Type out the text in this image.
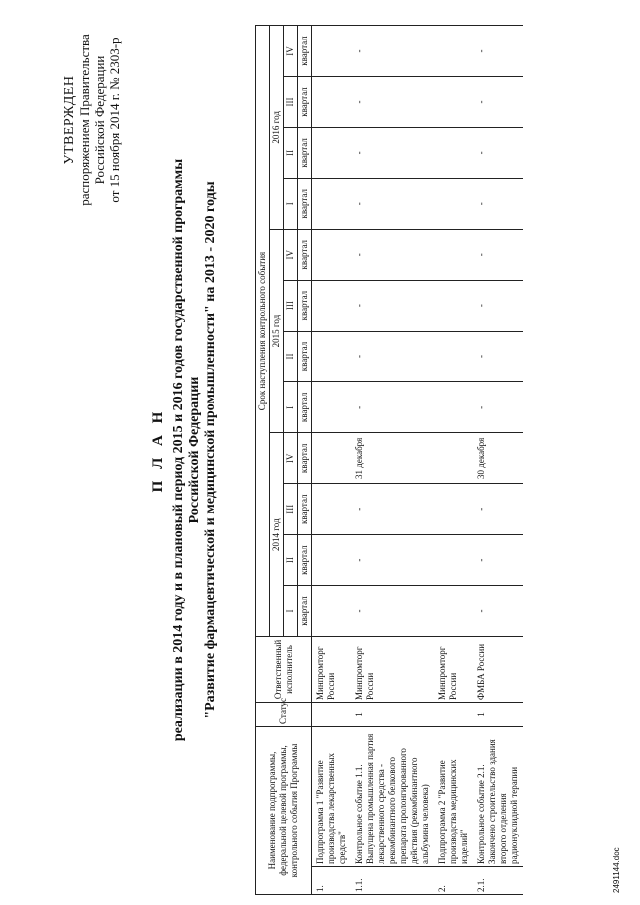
УТВЕРЖДЕН распоряжением Правительства Российской Федерации от 15 ноября 2014 г. № 2303-р
П Л А Н реализации в 2014 году и в плановый период 2015 и 2016 годов государственной программы Российской Федерации "Развитие фармацевтической и медицинской промышленности" на 2013 - 2020 годы
Наименование подпрограммы, федеральной целевой программы, контрольного события Программы		Статус	Ответственный исполнитель	Срок наступления контрольного события											
				2014 год				2015 год				2016 год			
				I	II	III	IV	I	II	III	IV	I	II	III	IV
				квартал	квартал	квартал	квартал	квартал	квартал	квартал	квартал	квартал	квартал	квартал	квартал
1.	Подпрограмма 1 "Развитие производства лекарственных средств"		Минпромторг России												
1.1.	Контрольное событие 1.1. Выпущена промышленная партия лекарственного средства - рекомбинантного белкового препарата пролонгированного действия (рекомбинантного альбумина человека)	1	Минпромторг России	-	-	-	31 декабря	-	-	-	-	-	-	-	-
2.	Подпрограмма 2 "Развитие производства медицинских изделий"		Минпромторг России												
2.1.	Контрольное событие 2.1. Закончено строительство здания второго отделения радионуклидной терапии	1	ФМБА России	-	-	-	30 декабря	-	-	-	-	-	-	-	-
2491144.doc
